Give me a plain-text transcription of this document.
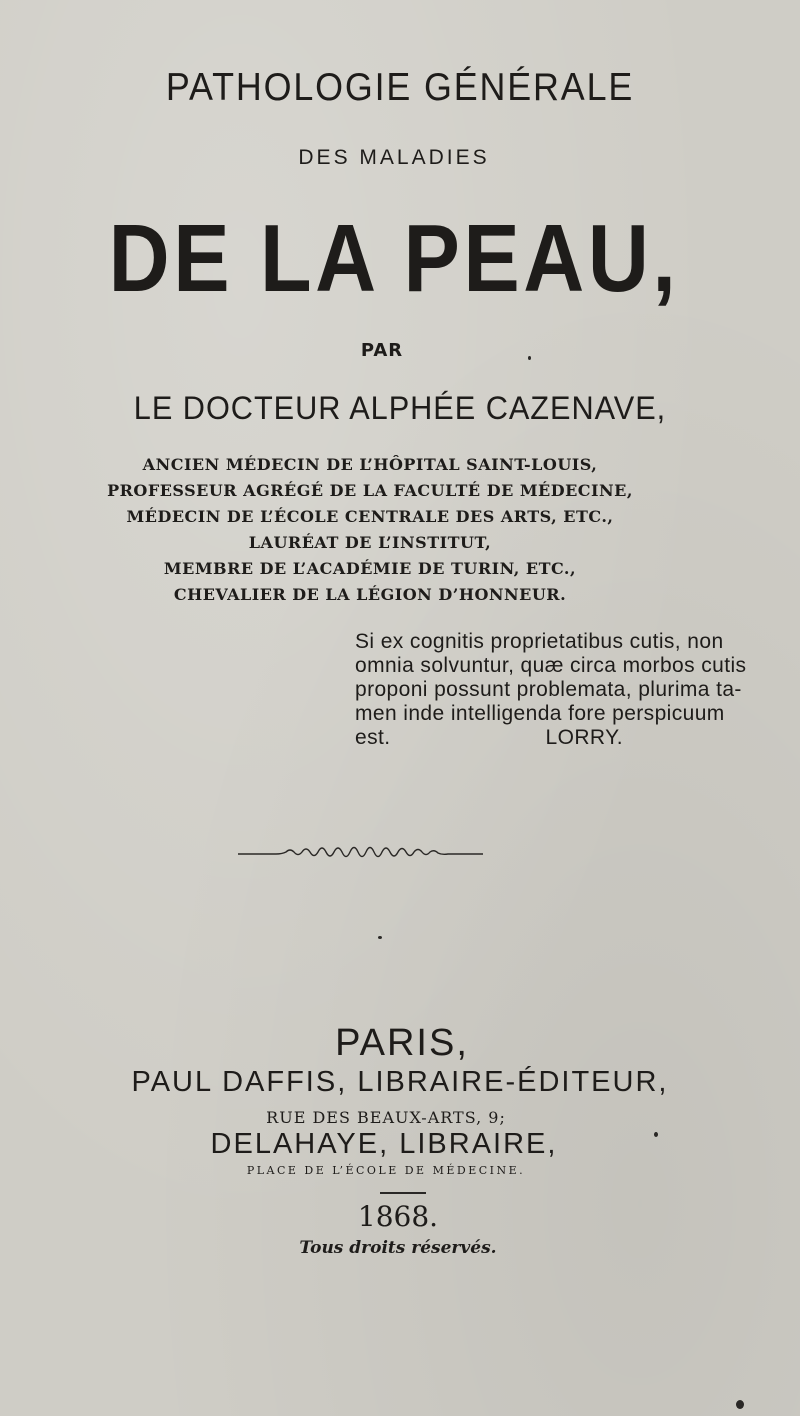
PATHOLOGIE GÉNÉRALE
DES MALADIES
DE LA PEAU,
PAR
LE DOCTEUR ALPHÉE CAZENAVE,
ANCIEN MÉDECIN DE L’HÔPITAL SAINT-LOUIS,
PROFESSEUR AGRÉGÉ DE LA FACULTÉ DE MÉDECINE,
MÉDECIN DE L’ÉCOLE CENTRALE DES ARTS, ETC.,
LAURÉAT DE L’INSTITUT,
MEMBRE DE L’ACADÉMIE DE TURIN, ETC.,
CHEVALIER DE LA LÉGION D’HONNEUR.
Si ex cognitis proprietatibus cutis, non
omnia solvuntur, quæ circa morbos cutis
proponi possunt problemata, plurima ta-
men inde intelligenda fore perspicuum
est.	LORRY.
PARIS,
PAUL DAFFIS, LIBRAIRE-ÉDITEUR,
RUE DES BEAUX-ARTS, 9;
DELAHAYE, LIBRAIRE,
PLACE DE L’ÉCOLE DE MÉDECINE.
1868.
Tous droits réservés.
